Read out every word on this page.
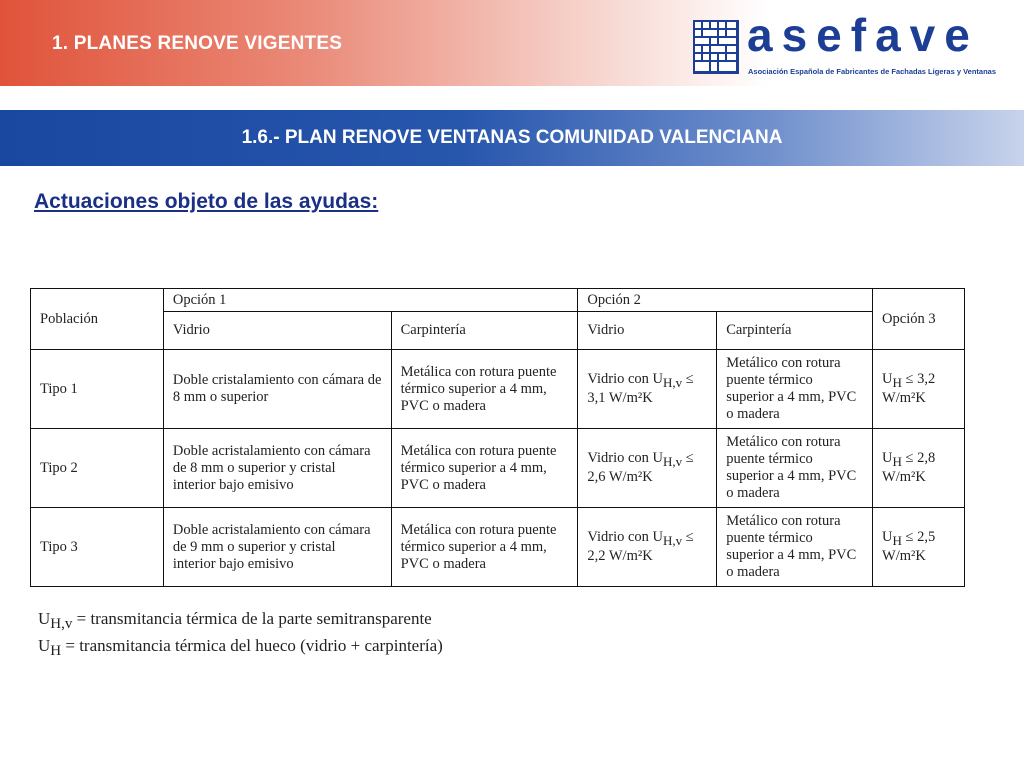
1. PLANES RENOVE VIGENTES	asefave
Asociación Española de Fabricantes de Fachadas Ligeras y Ventanas
1.6.- PLAN RENOVE VENTANAS COMUNIDAD VALENCIANA
Actuaciones objeto de las ayudas:
Población	Opción 1		Opción 2		Opción 3
	Vidrio	Carpintería	Vidrio	Carpintería	
Tipo 1	Doble cristalamiento con cámara de 8 mm o superior	Metálica con rotura puente térmico superior a 4 mm, PVC o madera	Vidrio con $U_{H,v} \le 3,1$ W/m²K	Metálico con rotura puente térmico superior a 4 mm, PVC o madera	$U_H \le 3,2$ W/m²K
Tipo 2	Doble acristalamiento con cámara de 8 mm o superior y cristal interior bajo emisivo	Metálica con rotura puente térmico superior a 4 mm, PVC o madera	Vidrio con $U_{H,v} \le 2,6$ W/m²K	Metálico con rotura puente térmico superior a 4 mm, PVC o madera	$U_H \le 2,8$ W/m²K
Tipo 3	Doble acristalamiento con cámara de 9 mm o superior y cristal interior bajo emisivo	Metálica con rotura puente térmico superior a 4 mm, PVC o madera	Vidrio con $U_{H,v} \le 2,2$ W/m²K	Metálico con rotura puente térmico superior a 4 mm, PVC o madera	$U_H \le 2,5$ W/m²K
$U_{H,v}$ = transmitancia térmica de la parte semitransparente
$U_H$ = transmitancia térmica del hueco (vidrio + carpintería)
